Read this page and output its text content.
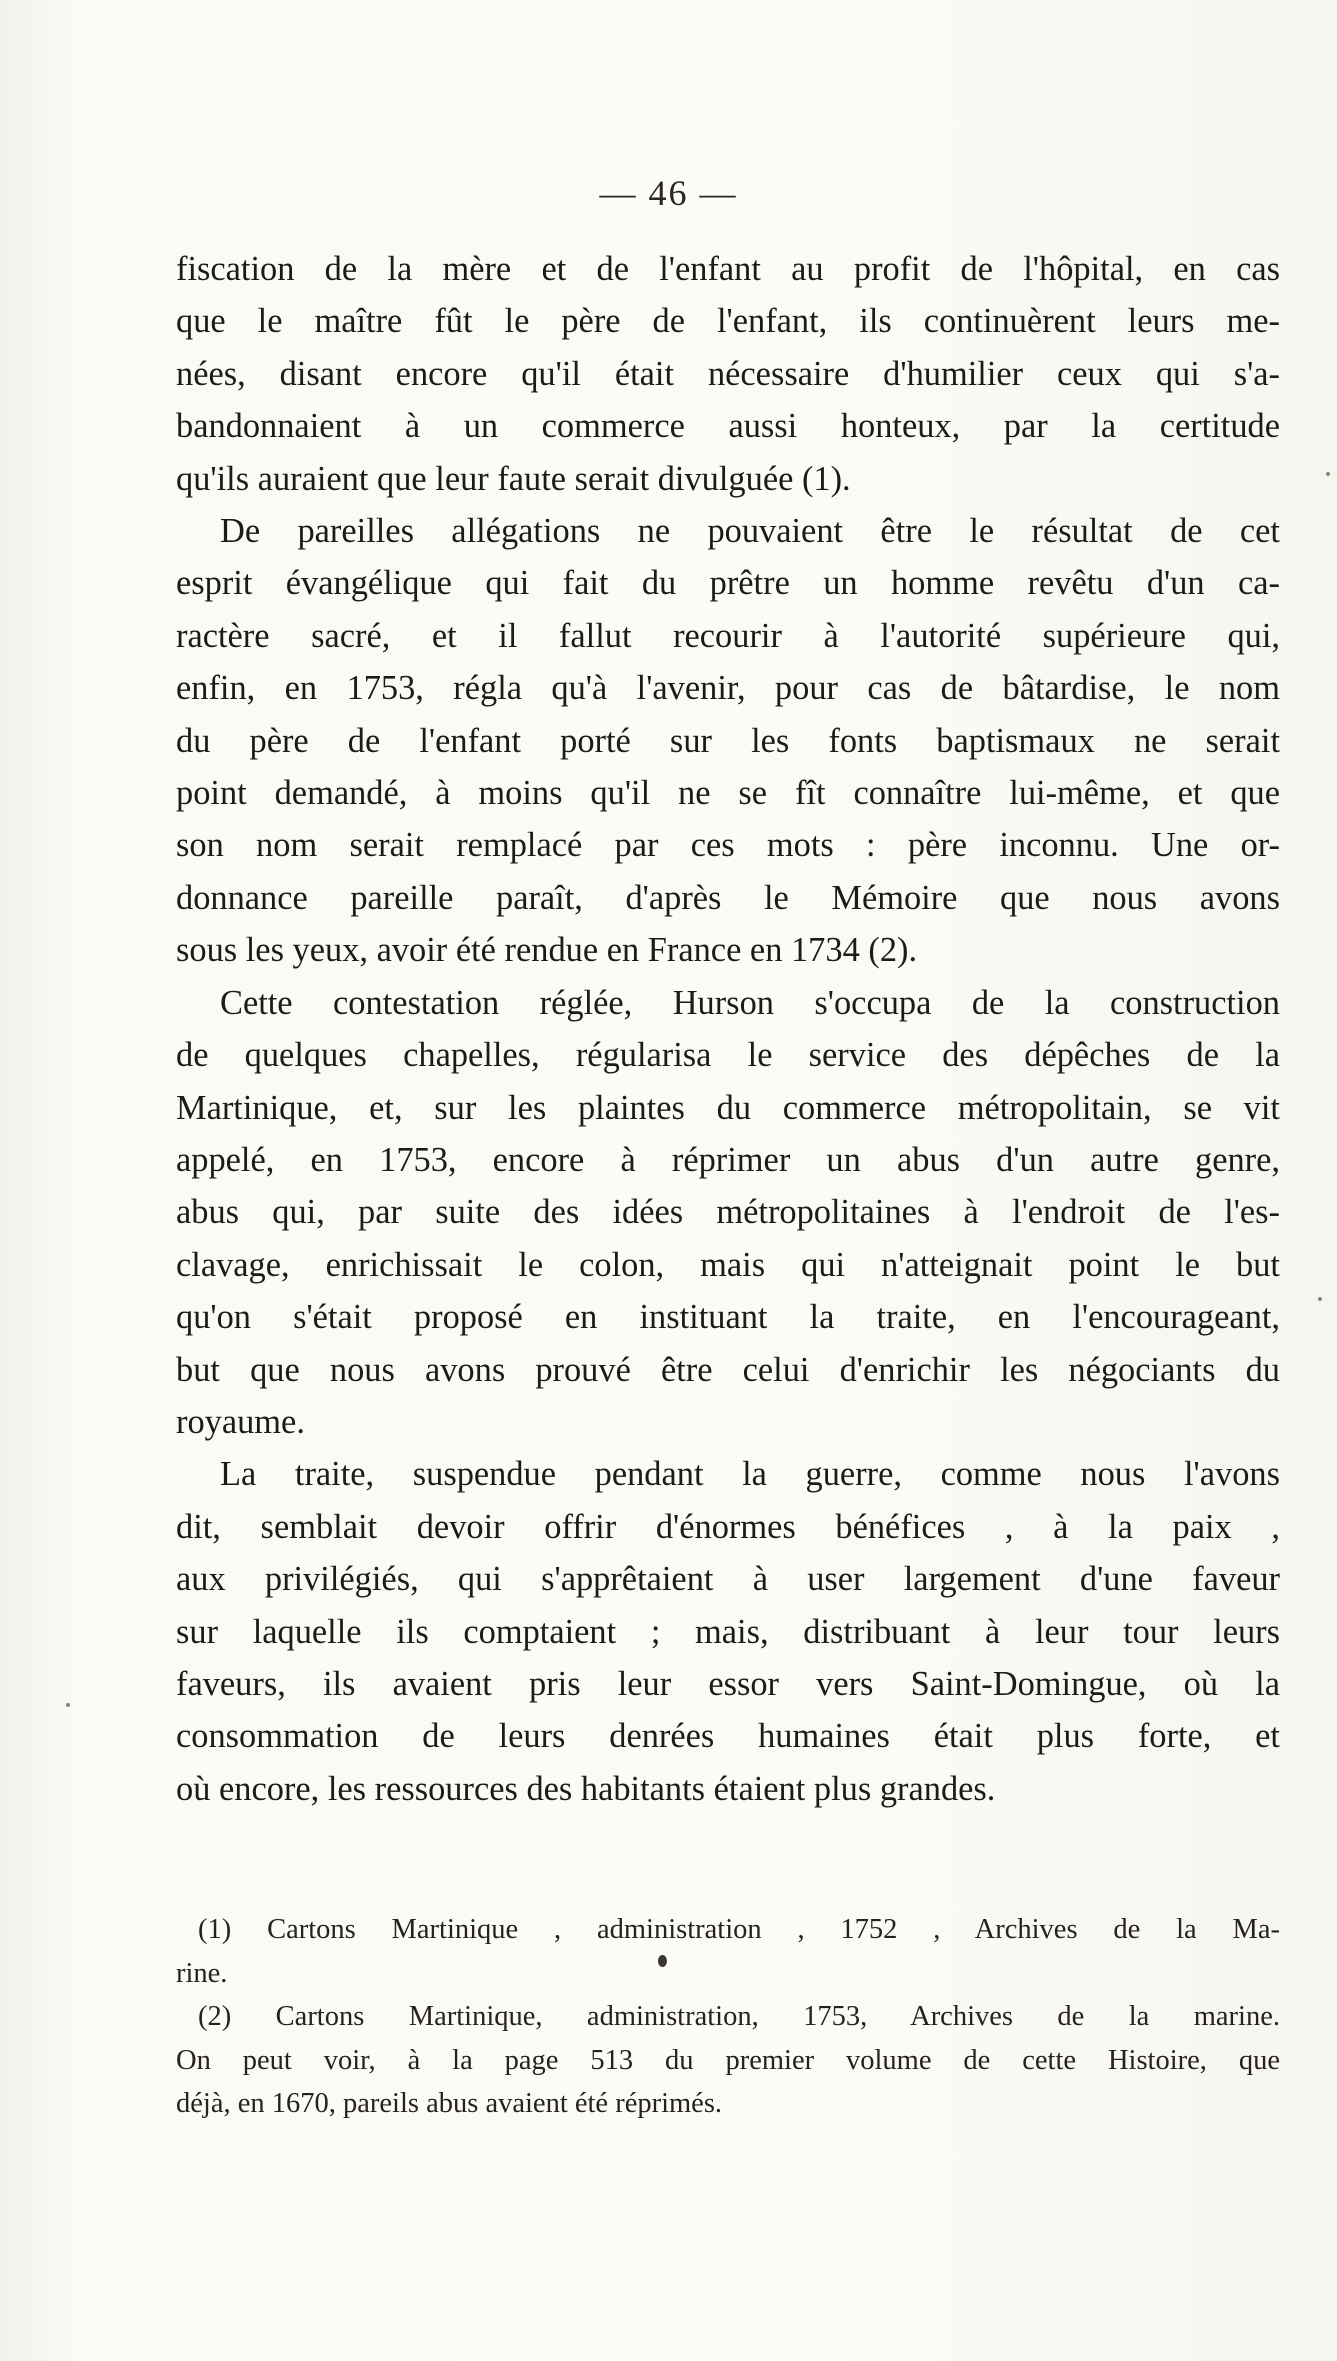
— 46 —
fiscation de la mère et de l'enfant au profit de l'hôpital, en cas
que le maître fût le père de l'enfant, ils continuèrent leurs me-
nées, disant encore qu'il était nécessaire d'humilier ceux qui s'a-
bandonnaient à un commerce aussi honteux, par la certitude
qu'ils auraient que leur faute serait divulguée (1).
De pareilles allégations ne pouvaient être le résultat de cet
esprit évangélique qui fait du prêtre un homme revêtu d'un ca-
ractère sacré, et il fallut recourir à l'autorité supérieure qui,
enfin, en 1753, régla qu'à l'avenir, pour cas de bâtardise, le nom
du père de l'enfant porté sur les fonts baptismaux ne serait
point demandé, à moins qu'il ne se fît connaître lui-même, et que
son nom serait remplacé par ces mots : père inconnu. Une or-
donnance pareille paraît, d'après le Mémoire que nous avons
sous les yeux, avoir été rendue en France en 1734 (2).
Cette contestation réglée, Hurson s'occupa de la construction
de quelques chapelles, régularisa le service des dépêches de la
Martinique, et, sur les plaintes du commerce métropolitain, se vit
appelé, en 1753, encore à réprimer un abus d'un autre genre,
abus qui, par suite des idées métropolitaines à l'endroit de l'es-
clavage, enrichissait le colon, mais qui n'atteignait point le but
qu'on s'était proposé en instituant la traite, en l'encourageant,
but que nous avons prouvé être celui d'enrichir les négociants du
royaume.
La traite, suspendue pendant la guerre, comme nous l'avons
dit, semblait devoir offrir d'énormes bénéfices , à la paix ,
aux privilégiés, qui s'apprêtaient à user largement d'une faveur
sur laquelle ils comptaient ; mais, distribuant à leur tour leurs
faveurs, ils avaient pris leur essor vers Saint-Domingue, où la
consommation de leurs denrées humaines était plus forte, et
où encore, les ressources des habitants étaient plus grandes.
(1) Cartons Martinique , administration , 1752 , Archives de la Ma-
rine.
(2) Cartons Martinique, administration, 1753, Archives de la marine.
On peut voir, à la page 513 du premier volume de cette Histoire, que
déjà, en 1670, pareils abus avaient été réprimés.
